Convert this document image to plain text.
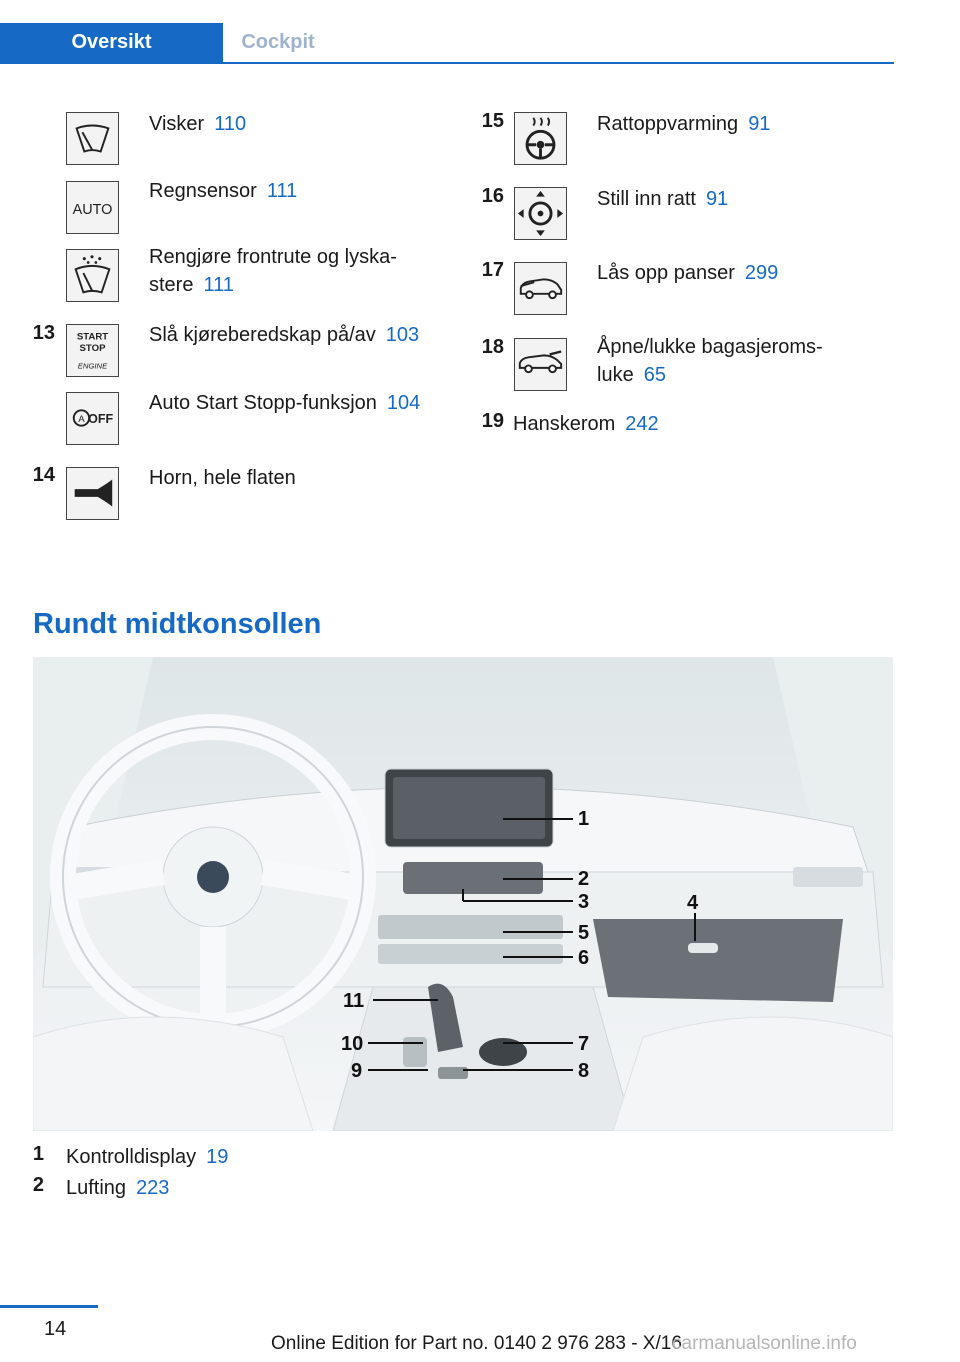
Oversikt	Cockpit
Visker 110
AUTO
Regnsensor 111
Rengjøre frontrute og lyska-
stere 111
13 START
STOP
ENGINE
Slå kjøreberedskap på/av 103
A OFF
Auto Start Stopp-funksjon 104
14	Horn, hele flaten
15	Rattoppvarming 91
16	Still inn ratt 91
17	Lås opp panser 299
18	Åpne/lukke bagasjeroms-
luke 65
19 Hanskerom 242
Rundt midtkonsollen
1
2
3	4
5
6
7
8
9
10
11
1 Kontrolldisplay 19
2 Lufting 223
14
Online Edition for Part no. 0140 2 976 283 - X/16
carmanualsonline.info
